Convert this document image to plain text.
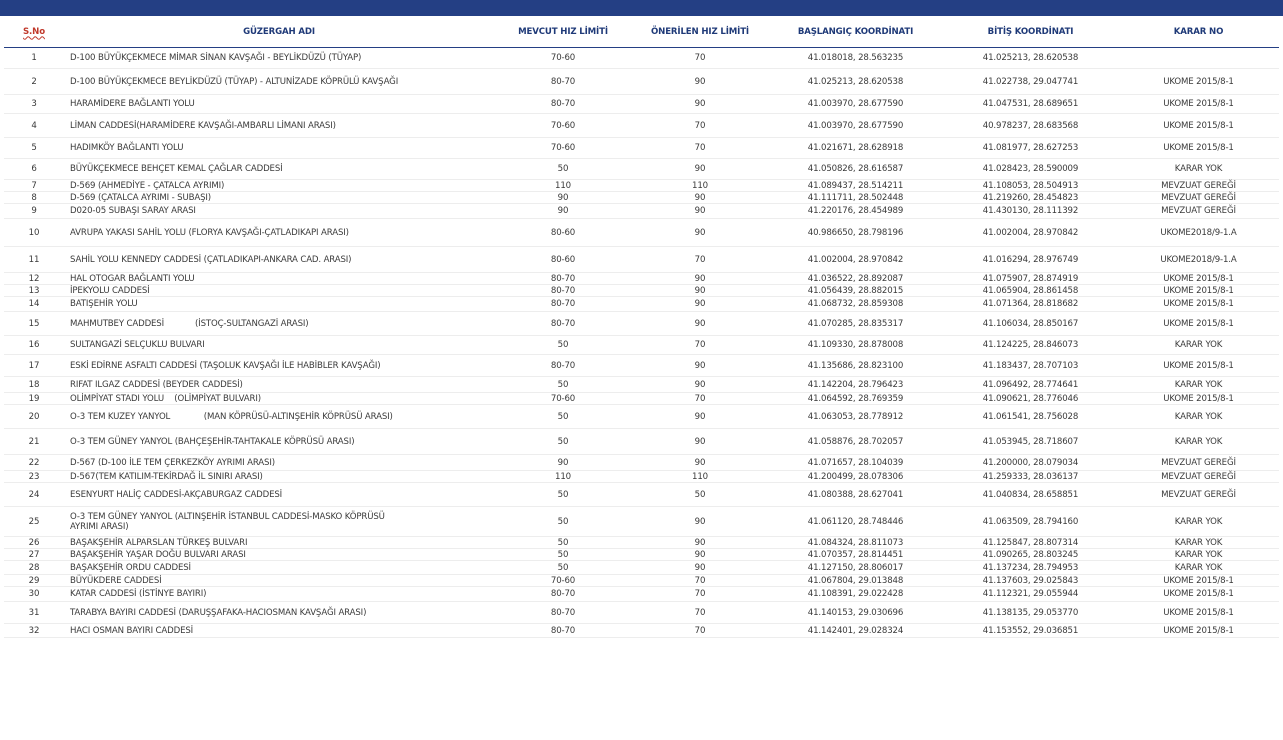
S.No	GÜZERGAH ADI	MEVCUT HIZ LİMİTİ	ÖNERİLEN HIZ LİMİTİ	BAŞLANGIÇ KOORDİNATI	BİTİŞ KOORDİNATI	KARAR NO
1	D-100 BÜYÜKÇEKMECE MİMAR SİNAN KAVŞAĞI - BEYLİKDÜZÜ (TÜYAP)	70-60	70	41.018018, 28.563235	41.025213, 28.620538	
2	D-100 BÜYÜKÇEKMECE BEYLİKDÜZÜ (TÜYAP) - ALTUNİZADE KÖPRÜLÜ KAVŞAĞI	80-70	90	41.025213, 28.620538	41.022738, 29.047741	UKOME 2015/8-1
3	HARAMİDERE BAĞLANTI YOLU	80-70	90	41.003970, 28.677590	41.047531, 28.689651	UKOME 2015/8-1
4	LİMAN CADDESİ(HARAMİDERE KAVŞAĞI-AMBARLI LİMANI ARASI)	70-60	70	41.003970, 28.677590	40.978237, 28.683568	UKOME 2015/8-1
5	HADIMKÖY BAĞLANTI YOLU	70-60	70	41.021671, 28.628918	41.081977, 28.627253	UKOME 2015/8-1
6	BÜYÜKÇEKMECE BEHÇET KEMAL ÇAĞLAR CADDESİ	50	90	41.050826, 28.616587	41.028423, 28.590009	KARAR YOK
7	D-569 (AHMEDİYE - ÇATALCA AYRIMI)	110	110	41.089437, 28.514211	41.108053, 28.504913	MEVZUAT GEREĞİ
8	D-569 (ÇATALCA AYRIMI - SUBAŞI)	90	90	41.111711, 28.502448	41.219260, 28.454823	MEVZUAT GEREĞİ
9	D020-05 SUBAŞI SARAY ARASI	90	90	41.220176, 28.454989	41.430130, 28.111392	MEVZUAT GEREĞİ
10	AVRUPA YAKASI SAHİL YOLU (FLORYA KAVŞAĞI-ÇATLADIKAPI ARASI)	80-60	90	40.986650, 28.798196	41.002004, 28.970842	UKOME2018/9-1.A
11	SAHİL YOLU KENNEDY CADDESİ (ÇATLADIKAPI-ANKARA CAD. ARASI)	80-60	70	41.002004, 28.970842	41.016294, 28.976749	UKOME2018/9-1.A
12	HAL OTOGAR BAĞLANTI YOLU	80-70	90	41.036522, 28.892087	41.075907, 28.874919	UKOME 2015/8-1
13	İPEKYOLU CADDESİ	80-70	90	41.056439, 28.882015	41.065904, 28.861458	UKOME 2015/8-1
14	BATIŞEHİR YOLU	80-70	90	41.068732, 28.859308	41.071364, 28.818682	UKOME 2015/8-1
15	MAHMUTBEY CADDESİ            (İSTOÇ-SULTANGAZİ ARASI)	80-70	90	41.070285, 28.835317	41.106034, 28.850167	UKOME 2015/8-1
16	SULTANGAZİ SELÇUKLU BULVARI	50	70	41.109330, 28.878008	41.124225, 28.846073	KARAR YOK
17	ESKİ EDİRNE ASFALTI CADDESİ (TAŞOLUK KAVŞAĞI İLE HABİBLER KAVŞAĞI)	80-70	90	41.135686, 28.823100	41.183437, 28.707103	UKOME 2015/8-1
18	RIFAT ILGAZ CADDESİ (BEYDER CADDESİ)	50	90	41.142204, 28.796423	41.096492, 28.774641	KARAR YOK
19	OLİMPİYAT STADI YOLU    (OLİMPİYAT BULVARI)	70-60	70	41.064592, 28.769359	41.090621, 28.776046	UKOME 2015/8-1
20	O-3 TEM KUZEY YANYOL             (MAN KÖPRÜSÜ-ALTINŞEHİR KÖPRÜSÜ ARASI)	50	90	41.063053, 28.778912	41.061541, 28.756028	KARAR YOK
21	O-3 TEM GÜNEY YANYOL (BAHÇEŞEHİR-TAHTAKALE KÖPRÜSÜ ARASI)	50	90	41.058876, 28.702057	41.053945, 28.718607	KARAR YOK
22	D-567 (D-100 İLE TEM ÇERKEZKÖY AYRIMI ARASI)	90	90	41.071657, 28.104039	41.200000, 28.079034	MEVZUAT GEREĞİ
23	D-567(TEM KATILIM-TEKİRDAĞ İL SINIRI ARASI)	110	110	41.200499, 28.078306	41.259333, 28.036137	MEVZUAT GEREĞİ
24	ESENYURT HALİÇ CADDESİ-AKÇABURGAZ CADDESİ	50	50	41.080388, 28.627041	41.040834, 28.658851	MEVZUAT GEREĞİ
25	O-3 TEM GÜNEY YANYOL (ALTINŞEHİR İSTANBUL CADDESİ-MASKO KÖPRÜSÜ
AYRIMI ARASI)	50	90	41.061120, 28.748446	41.063509, 28.794160	KARAR YOK
26	BAŞAKŞEHİR ALPARSLAN TÜRKEŞ BULVARI	50	90	41.084324, 28.811073	41.125847, 28.807314	KARAR YOK
27	BAŞAKŞEHİR YAŞAR DOĞU BULVARI ARASI	50	90	41.070357, 28.814451	41.090265, 28.803245	KARAR YOK
28	BAŞAKŞEHİR ORDU CADDESİ	50	90	41.127150, 28.806017	41.137234, 28.794953	KARAR YOK
29	BÜYÜKDERE CADDESİ	70-60	70	41.067804, 29.013848	41.137603, 29.025843	UKOME 2015/8-1
30	KATAR CADDESİ (İSTİNYE BAYIRI)	80-70	70	41.108391, 29.022428	41.112321, 29.055944	UKOME 2015/8-1
31	TARABYA BAYIRI CADDESİ (DARUŞŞAFAKA-HACIOSMAN KAVŞAĞI ARASI)	80-70	70	41.140153, 29.030696	41.138135, 29.053770	UKOME 2015/8-1
32	HACI OSMAN BAYIRI CADDESİ	80-70	70	41.142401, 29.028324	41.153552, 29.036851	UKOME 2015/8-1
